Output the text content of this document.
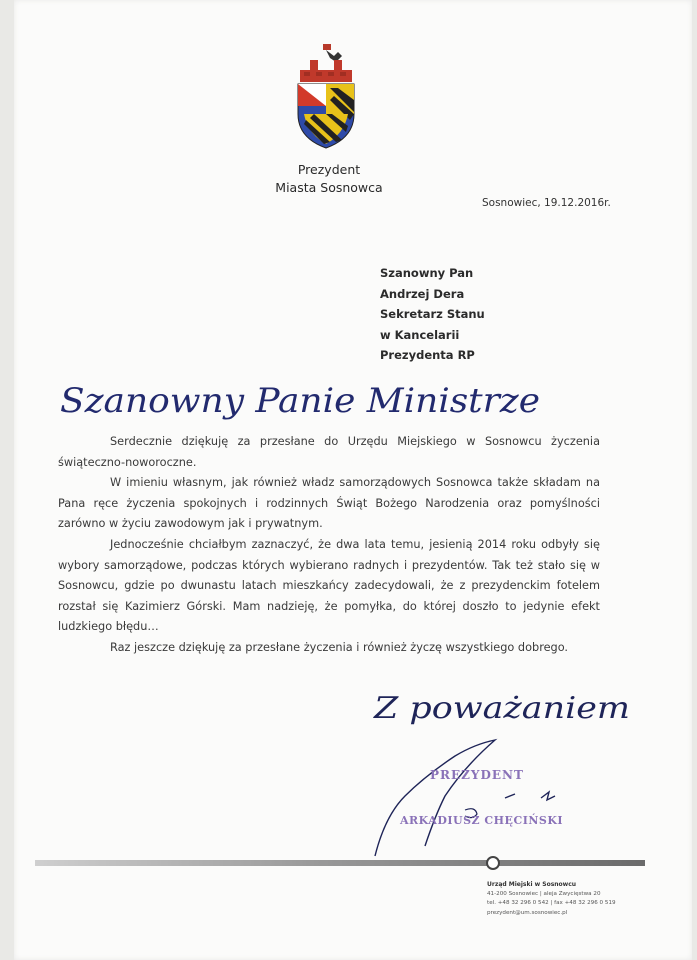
Prezydent
Miasta Sosnowca
Sosnowiec, 19.12.2016r.
Szanowny Pan
Andrzej Dera
Sekretarz Stanu
w Kancelarii
Prezydenta RP
Szanowny Panie Ministrze

Serdecznie dziękuję za przesłane do Urzędu Miejskiego w Sosnowcu życzenia świąteczno-noworoczne.

W imieniu własnym, jak również władz samorządowych Sosnowca także składam na Pana ręce życzenia spokojnych i rodzinnych Świąt Bożego Narodzenia oraz pomyślności zarówno w życiu zawodowym jak i prywatnym.

Jednocześnie chciałbym zaznaczyć, że dwa lata temu, jesienią 2014 roku odbyły się wybory samorządowe, podczas których wybierano radnych i prezydentów. Tak też stało się w Sosnowcu, gdzie po dwunastu latach mieszkańcy zadecydowali, że z prezydenckim fotelem rozstał się Kazimierz Górski. Mam nadzieję, że pomyłka, do której doszło to jedynie efekt ludzkiego błędu…

Raz jeszcze dziękuję za przesłane życzenia i również życzę wszystkiego dobrego.

Z poważaniem
PREZYDENT
ARKADIUSZ CHĘCIŃSKI
Urząd Miejski w Sosnowcu
41-200 Sosnowiec | aleja Zwycięstwa 20
tel. +48 32 296 0 542 | fax +48 32 296 0 519
prezydent@um.sosnowiec.pl
